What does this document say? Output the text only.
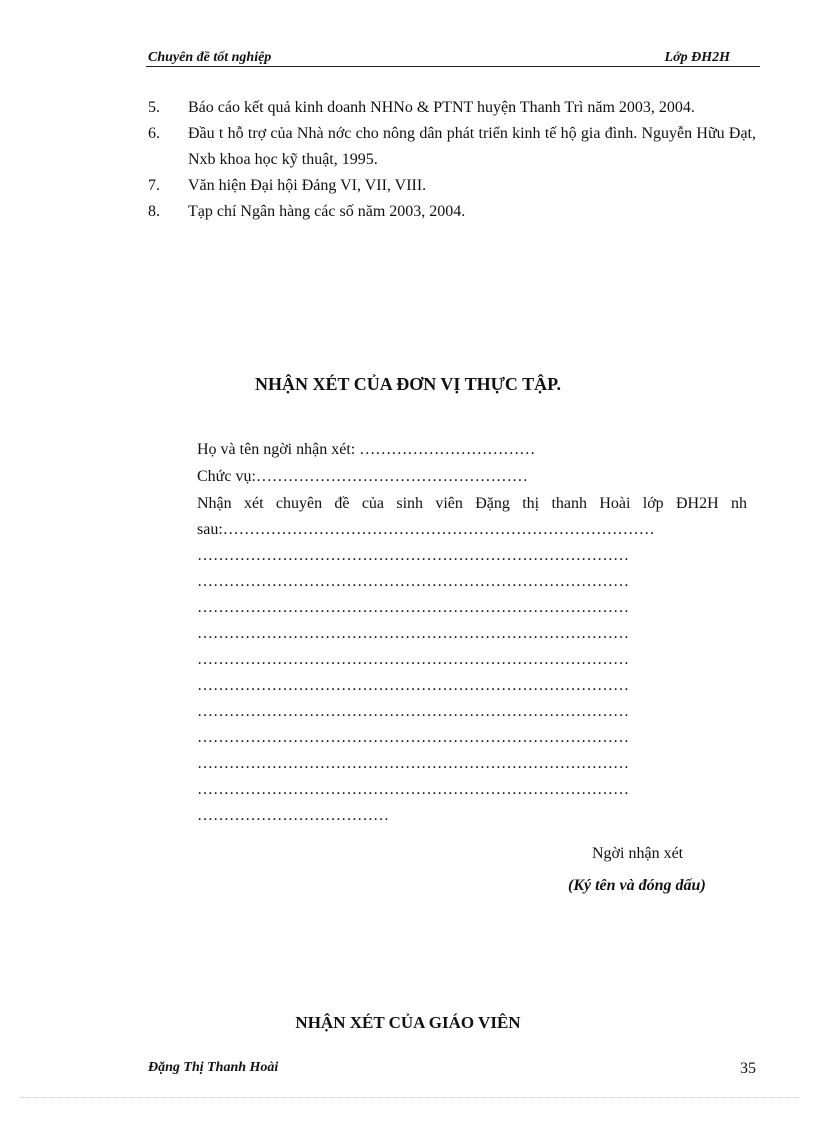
Chuyên đề tốt nghiệp	Lớp ĐH2H
5.	Báo cáo kết quả kinh doanh NHNo & PTNT huyện Thanh Trì năm 2003, 2004.
6.	Đầu t hỗ trợ của Nhà nớc cho nông dân phát triển kinh tế hộ gia đình. Nguyễn Hữu Đạt, Nxb khoa học kỹ thuật, 1995.
7.	Văn hiện Đại hội Đảng VI, VII, VIII.
8.	Tạp chí Ngân hàng các số năm 2003, 2004.
NHẬN XÉT CỦA ĐƠN VỊ THỰC TẬP.
Họ và tên ngời nhận xét: ……………………………
Chức vụ:……………………………………………
Nhận xét chuyên đề của sinh viên Đặng thị thanh Hoài lớp ĐH2H nh sau:………………………………………………………………………
………………………………………………………………………
………………………………………………………………………
………………………………………………………………………
………………………………………………………………………
………………………………………………………………………
………………………………………………………………………
………………………………………………………………………
………………………………………………………………………
………………………………………………………………………
………………………………………………………………………
………………………………
Ngời nhận xét
(Ký tên và đóng dấu)
NHẬN XÉT CỦA GIÁO VIÊN
Đặng Thị Thanh Hoài	35
